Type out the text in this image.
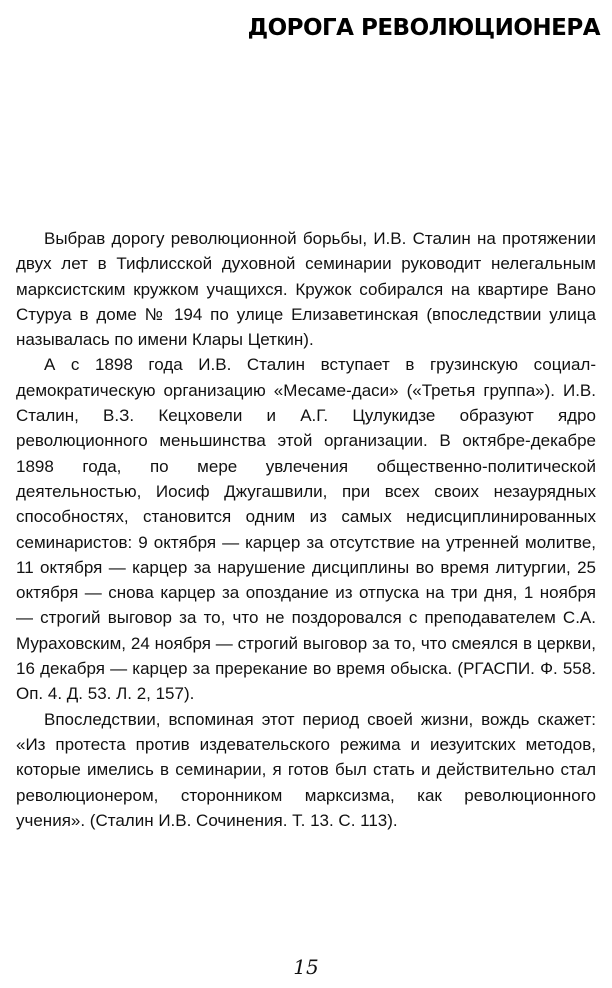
ДОРОГА РЕВОЛЮЦИОНЕРА

Выбрав дорогу революционной борьбы, И.В. Сталин на протяжении двух лет в Тифлисской духовной семинарии руководит нелегальным марксистским кружком учащихся. Кружок собирался на квартире Вано Стуруа в доме № 194 по улице Елизаветинская (впоследствии улица называлась по имени Клары Цеткин).

А с 1898 года И.В. Сталин вступает в грузинскую социал-демократическую организацию «Месаме-даси» («Третья группа»). И.В. Сталин, В.З. Кецховели и А.Г. Цулукидзе образуют ядро революционного меньшинства этой организации. В октябре-декабре 1898 года, по мере увлечения общественно-политической деятельностью, Иосиф Джугашвили, при всех своих незаурядных способностях, становится одним из самых недисциплинированных семинаристов: 9 октября — карцер за отсутствие на утренней молитве, 11 октября — карцер за нарушение дисциплины во время литургии, 25 октября — снова карцер за опоздание из отпуска на три дня, 1 ноября — строгий выговор за то, что не поздоровался с преподавателем С.А. Мураховским, 24 ноября — строгий выговор за то, что смеялся в церкви, 16 декабря — карцер за пререкание во время обыска. (РГАСПИ. Ф. 558. Оп. 4. Д. 53. Л. 2, 157).

Впоследствии, вспоминая этот период своей жизни, вождь скажет: «Из протеста против издевательского режима и иезуитских методов, которые имелись в семинарии, я готов был стать и действительно стал революционером, сторонником марксизма, как революционного учения». (Сталин И.В. Сочинения. Т. 13. С. 113).

15
